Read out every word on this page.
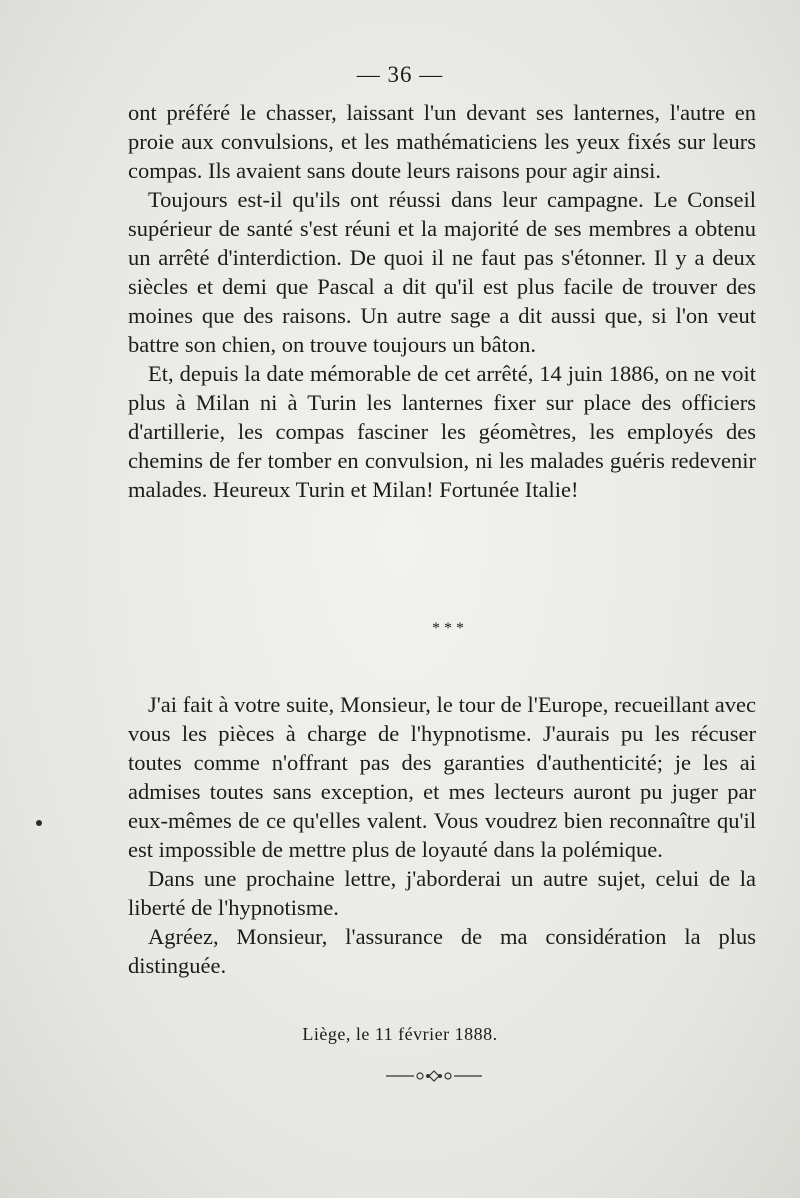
— 36 —

ont préféré le chasser, laissant l'un devant ses lanternes, l'autre en proie aux convulsions, et les mathématiciens les yeux fixés sur leurs compas. Ils avaient sans doute leurs raisons pour agir ainsi.

Toujours est-il qu'ils ont réussi dans leur campagne. Le Conseil supérieur de santé s'est réuni et la majorité de ses membres a obtenu un arrêté d'interdiction. De quoi il ne faut pas s'étonner. Il y a deux siècles et demi que Pascal a dit qu'il est plus facile de trouver des moines que des raisons. Un autre sage a dit aussi que, si l'on veut battre son chien, on trouve toujours un bâton.

Et, depuis la date mémorable de cet arrêté, 14 juin 1886, on ne voit plus à Milan ni à Turin les lanternes fixer sur place des officiers d'artillerie, les compas fasciner les géomètres, les employés des chemins de fer tomber en convulsion, ni les malades guéris redevenir malades. Heureux Turin et Milan! Fortunée Italie!

* * *

J'ai fait à votre suite, Monsieur, le tour de l'Europe, recueillant avec vous les pièces à charge de l'hypnotisme. J'aurais pu les récuser toutes comme n'offrant pas des garanties d'authenticité; je les ai admises toutes sans exception, et mes lecteurs auront pu juger par eux-mêmes de ce qu'elles valent. Vous voudrez bien reconnaître qu'il est impossible de mettre plus de loyauté dans la polémique.

Dans une prochaine lettre, j'aborderai un autre sujet, celui de la liberté de l'hypnotisme.

Agréez, Monsieur, l'assurance de ma considération la plus distinguée.

Liège, le 11 février 1888.
